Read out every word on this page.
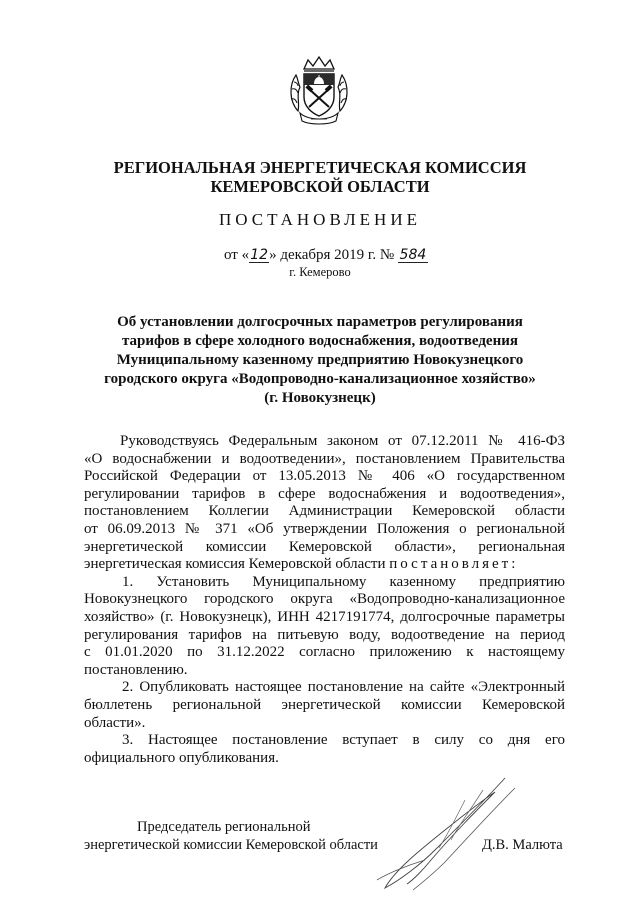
РЕГИОНАЛЬНАЯ ЭНЕРГЕТИЧЕСКАЯ КОМИССИЯ
КЕМЕРОВСКОЙ ОБЛАСТИ
ПОСТАНОВЛЕНИЕ
от «12» декабря 2019 г. № 584
г. Кемерово
Об установлении долгосрочных параметров регулирования
тарифов в сфере холодного водоснабжения, водоотведения
Муниципальному казенному предприятию Новокузнецкого
городского округа «Водопроводно-канализационное хозяйство»
(г. Новокузнецк)
Руководствуясь Федеральным законом от 07.12.2011 № 416-ФЗ
«О водоснабжении и водоотведении», постановлением Правительства
Российской Федерации от 13.05.2013 № 406 «О государственном
регулировании тарифов в сфере водоснабжения и водоотведения»,
постановлением Коллегии Администрации Кемеровской области
от 06.09.2013 № 371 «Об утверждении Положения о региональной
энергетической комиссии Кемеровской области», региональная
энергетическая комиссия Кемеровской области постановляет:
1. Установить Муниципальному казенному предприятию
Новокузнецкого городского округа «Водопроводно-канализационное
хозяйство» (г. Новокузнецк), ИНН 4217191774, долгосрочные параметры
регулирования тарифов на питьевую воду, водоотведение на период
с 01.01.2020 по 31.12.2022 согласно приложению к настоящему
постановлению.
2. Опубликовать настоящее постановление на сайте «Электронный
бюллетень региональной энергетической комиссии Кемеровской
области».
3. Настоящее постановление вступает в силу со дня его
официального опубликования.
Председатель региональной
энергетической комиссии Кемеровской области	Д.В. Малюта
